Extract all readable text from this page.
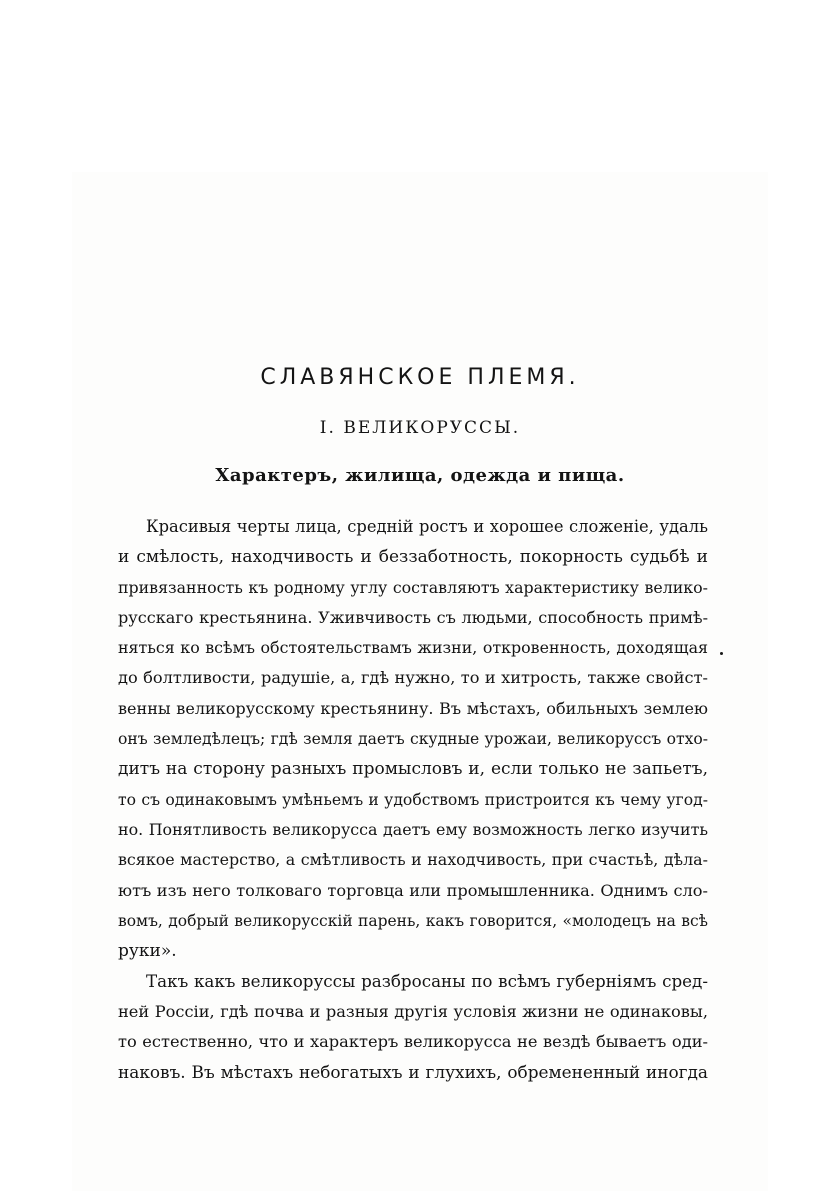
СЛАВЯНСКОЕ ПЛЕМЯ.
I. ВЕЛИКОРУССЫ.
Характеръ, жилища, одежда и пища.
Красивыя черты лица, средній ростъ и хорошее сложеніе, удаль
и смѣлость, находчивость и беззаботность, покорность судьбѣ и
привязанность къ родному углу составляютъ характеристику велико-
русскаго крестьянина. Уживчивость съ людьми, способность примѣ-
няться ко всѣмъ обстоятельствамъ жизни, откровенность, доходящая
до болтливости, радушіе, а, гдѣ нужно, то и хитрость, также свойст-
венны великорусскому крестьянину. Въ мѣстахъ, обильныхъ землею
онъ земледѣлецъ; гдѣ земля даетъ скудные урожаи, великоруссъ отхо-
дитъ на сторону разныхъ промысловъ и, если только не запьетъ,
то съ одинаковымъ умѣньемъ и удобствомъ пристроится къ чему угод-
но. Понятливость великорусса даетъ ему возможность легко изучить
всякое мастерство, а смѣтливость и находчивость, при счастьѣ, дѣла-
ютъ изъ него толковаго торговца или промышленника. Однимъ сло-
вомъ, добрый великорусскій парень, какъ говорится, «молодецъ на всѣ
руки».
Такъ какъ великоруссы разбросаны по всѣмъ губерніямъ сред-
ней Россіи, гдѣ почва и разныя другія условія жизни не одинаковы,
то естественно, что и характеръ великорусса не вездѣ бываетъ оди-
наковъ. Въ мѣстахъ небогатыхъ и глухихъ, обремененный иногда
